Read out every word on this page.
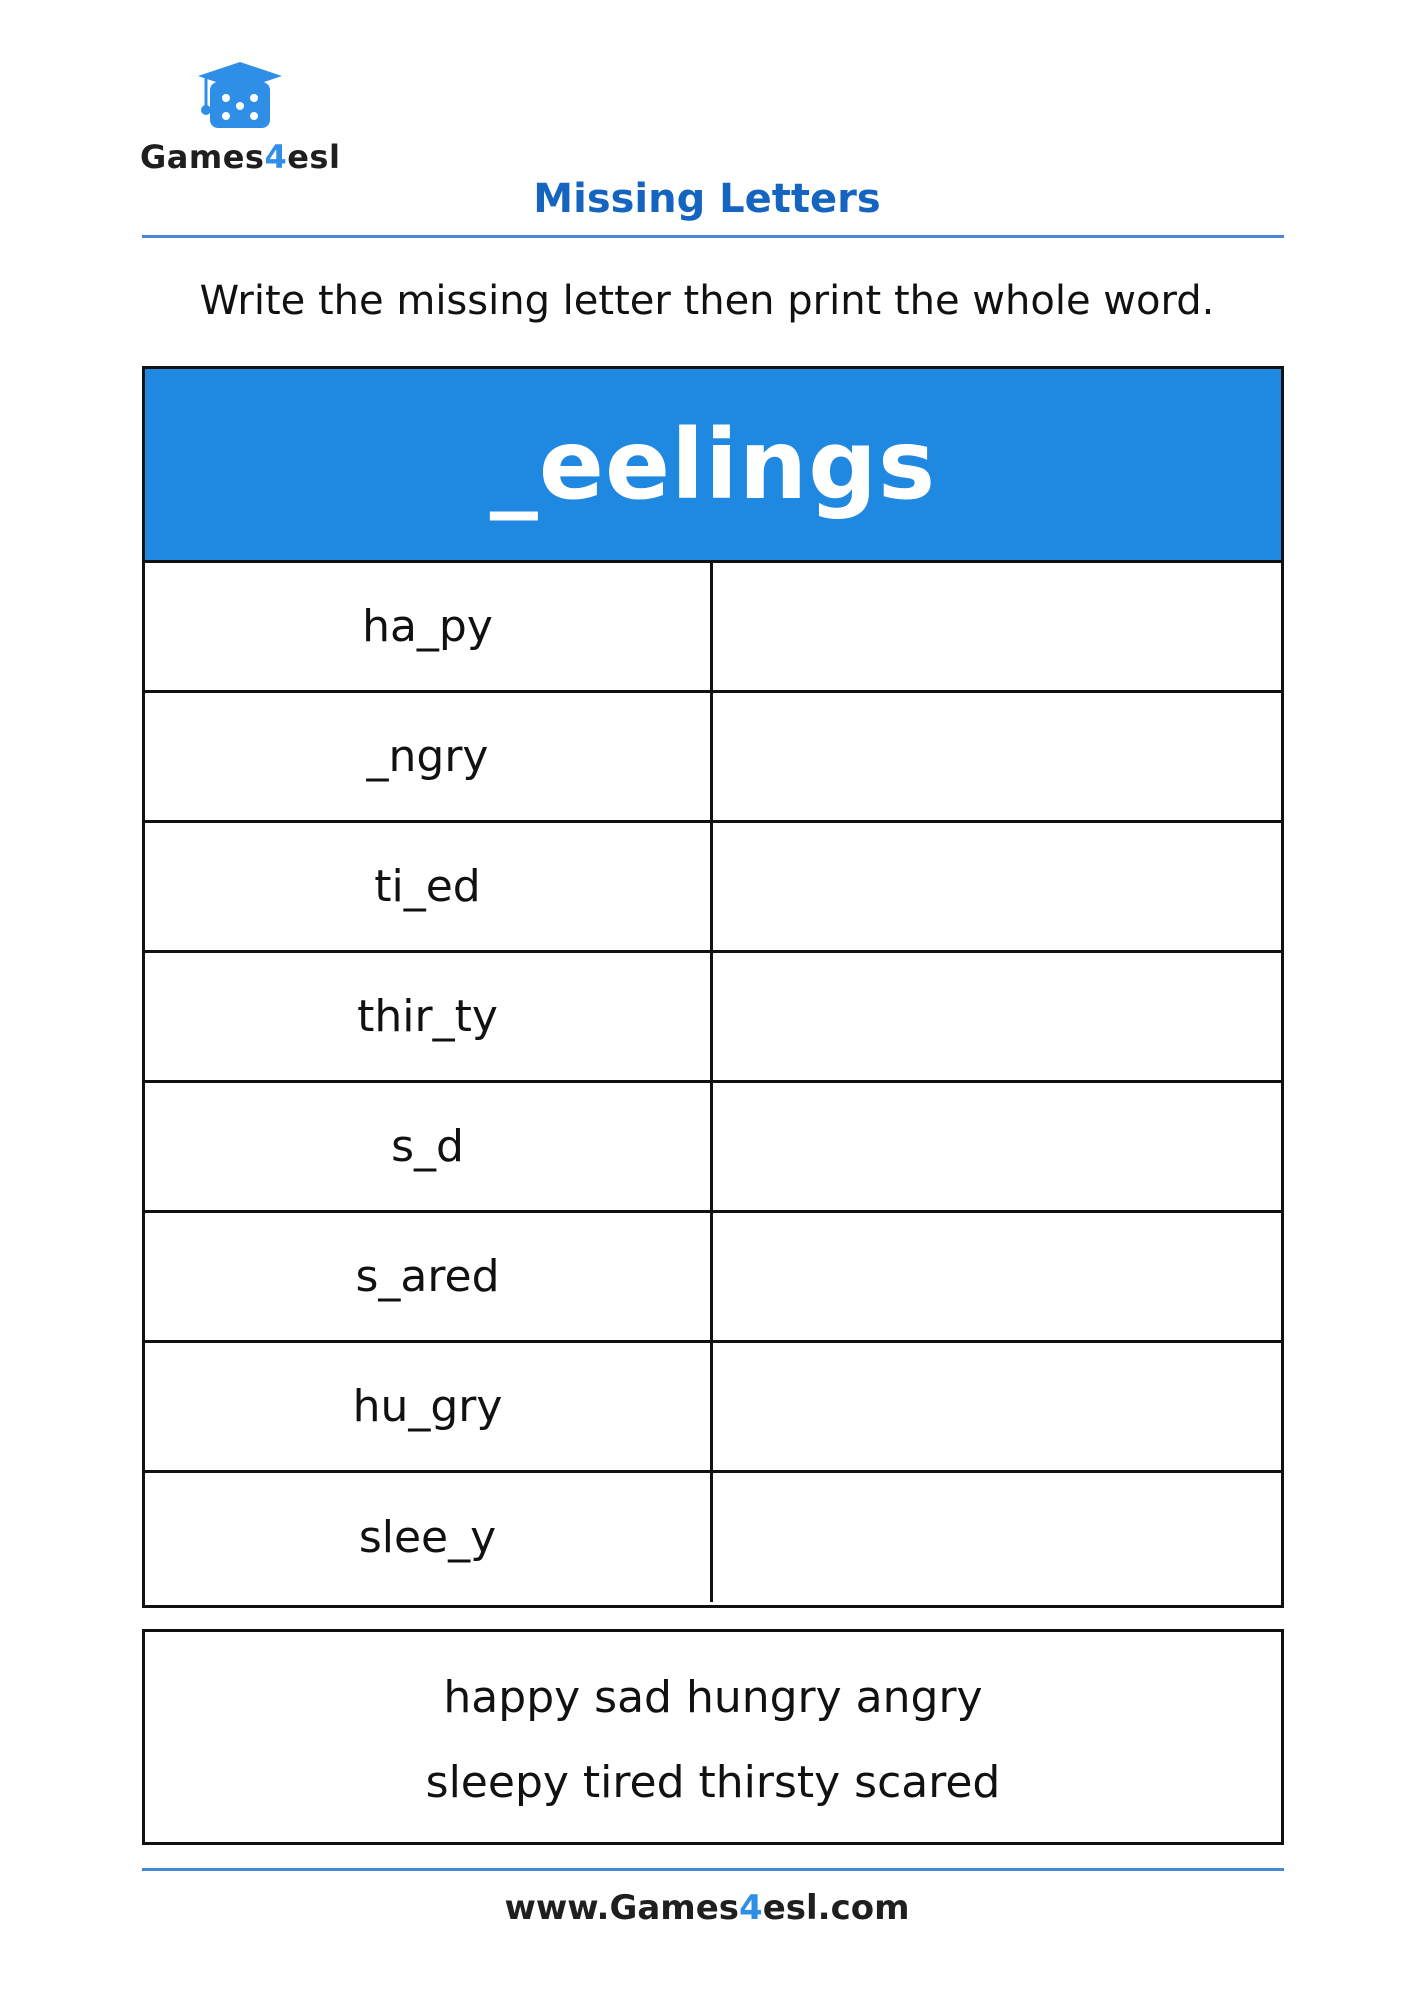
Games4esl
Missing Letters
Write the missing letter then print the whole word.
_eelings
ha_py
_ngry
ti_ed
thir_ty
s_d
s_ared
hu_gry
slee_y
happy sad hungry angry
sleepy tired thirsty scared
www.Games4esl.com
